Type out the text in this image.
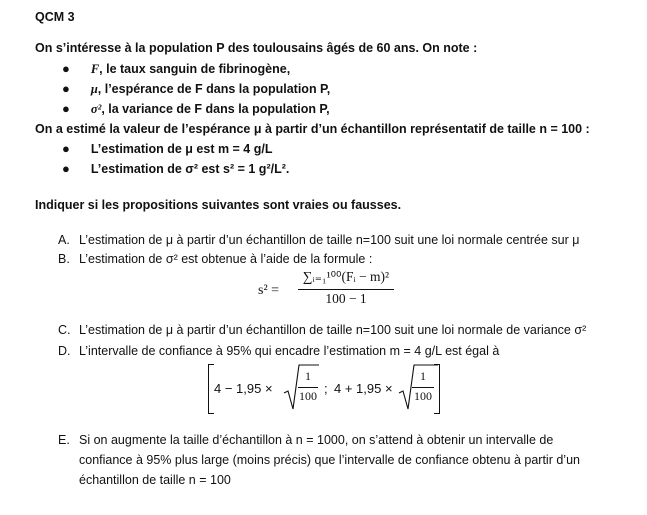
QCM 3
On s’intéresse à la population P des toulousains âgés de 60 ans. On note :
● F, le taux sanguin de fibrinogène,
● μ, l’espérance de F dans la population P,
● σ², la variance de F dans la population P,
On a estimé la valeur de l’espérance μ à partir d’un échantillon représentatif de taille n = 100 :
● L’estimation de μ est m = 4 g/L
● L’estimation de σ² est s² = 1 g²/L².
Indiquer si les propositions suivantes sont vraies ou fausses.
A. L’estimation de μ à partir d’un échantillon de taille n=100 suit une loi normale centrée sur μ
B. L’estimation de σ² est obtenue à l’aide de la formule :
s² =
∑ᵢ₌₁¹⁰⁰(Fᵢ − m)²
100 − 1
C. L’estimation de μ à partir d’un échantillon de taille n=100 suit une loi normale de variance σ²
D. L’intervalle de confiance à 95% qui encadre l’estimation m = 4 g/L est égal à
4 − 1,95 ×
1
100 ; 4 + 1,95 ×
1
100
E. Si on augmente la taille d’échantillon à n = 1000, on s’attend à obtenir un intervalle de
confiance à 95% plus large (moins précis) que l’intervalle de confiance obtenu à partir d’un
échantillon de taille n = 100
